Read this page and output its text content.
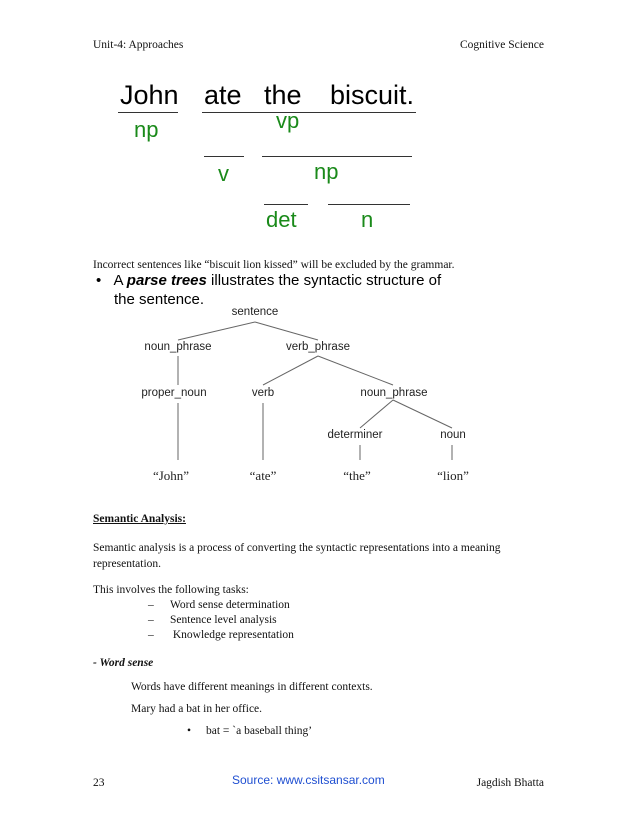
Unit-4: Approaches	Cognitive Science
John ate the biscuit.
np	vp
v	np
det	n
Incorrect sentences like “biscuit lion kissed” will be excluded by the grammar.
• A parse trees illustrates the syntactic structure of
the sentence.
sentence
noun_phrase	verb_phrase
proper_noun	verb	noun_phrase
determiner	noun
“John”	“ate”	“the”	“lion”
Semantic Analysis:
Semantic analysis is a process of converting the syntactic representations into a meaning
representation.
This involves the following tasks:
– Word sense determination
– Sentence level analysis
– Knowledge representation
- Word sense
Words have different meanings in different contexts.
Mary had a bat in her office.
• bat = `a baseball thing’
23	Source: www.csitsansar.com	Jagdish Bhatta
